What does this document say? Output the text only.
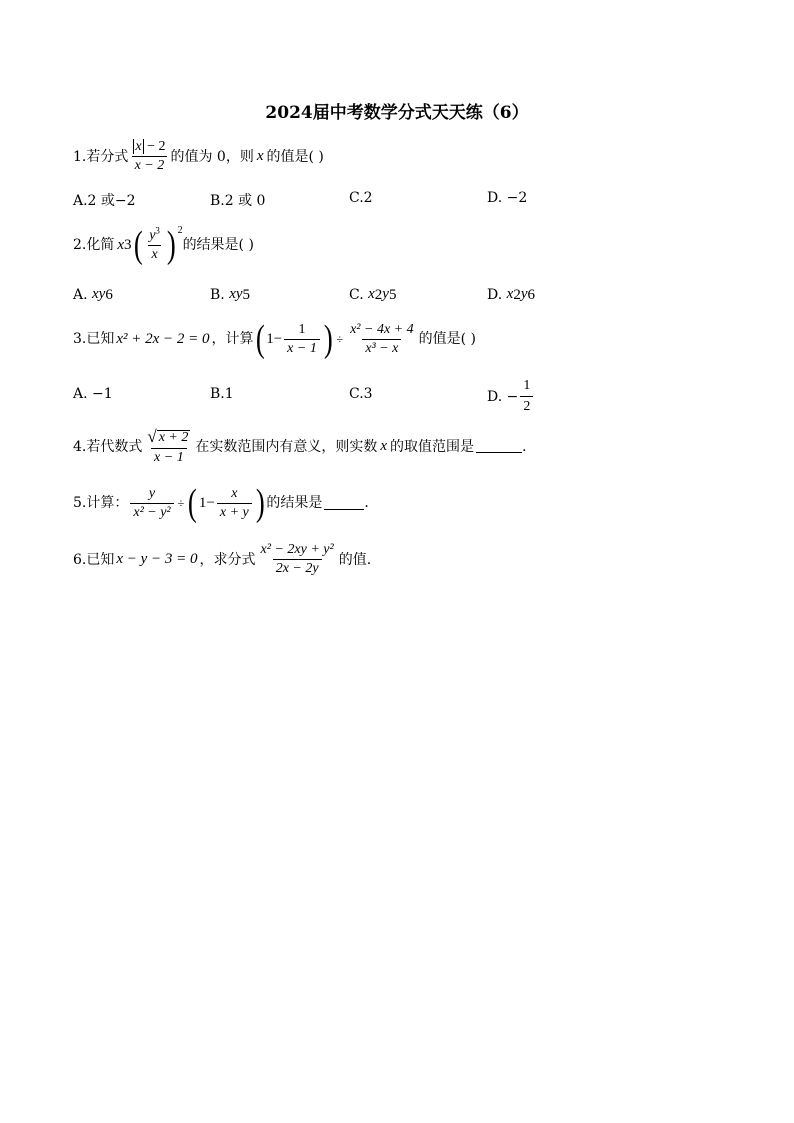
2024届中考数学分式天天练（6）
1.若分式 $\frac{x - 2}{x - 2}$ 的值为 0，则 x 的值是( )
A.2 或−2	B.2 或 0	C.2	D. −2
2.化简 x 3 ( $\frac{y^3}{x}$ ) 2
的结果是( )
A.
xy 6	B.
xy 5	C.
x 2 y 5	D.
x 2 y 6
3.已知 x² + 2x − 2 = 0 ，计算 ( $1- \frac{1}{x - 1}$ ) ÷ $\frac{\text{x² − 4x + 4}}{\text{x³ − x}}$ 的值是( )
A. −1	B.1	C.3	D. − $\frac{1}{2}$
4.若代数式 $\frac{√ x + 2}{x - 1}$ 在实数范围内有意义，则实数 x 的取值范围是	.
5.计算： $\frac{y}{\text{x² − y²}}$ ÷ ( $1- \frac{x}{x + y}$ ) 的结果是	.
6.已知 x − y − 3 = 0 ，求分式 $\frac{\text{x² − 2xy + y²}}{2x - 2y}$ 的值.
